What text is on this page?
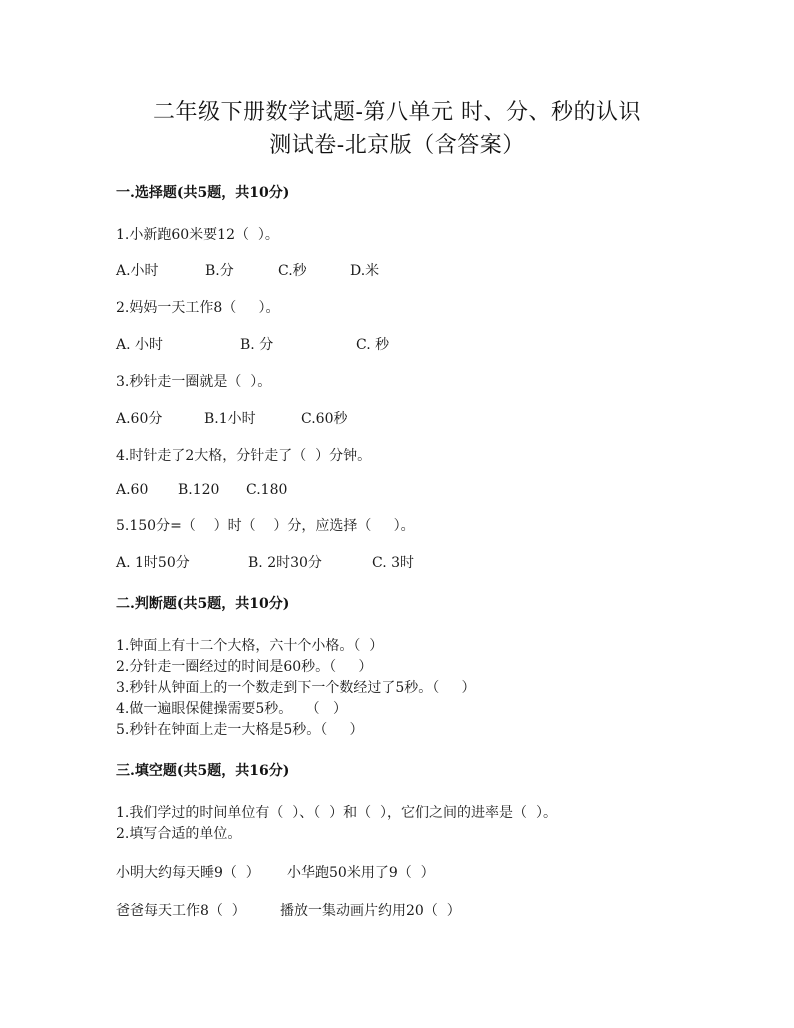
二年级下册数学试题-第八单元 时、分、秒的认识
测试卷-北京版（含答案）
一.选择题(共5题，共10分)
1.小新跑60米要12（  ）。
A.小时	B.分	C.秒	D.米
2.妈妈一天工作8（     ）。
A. 小时	B. 分	C. 秒
3.秒针走一圈就是（  ）。
A.60分	B.1小时	C.60秒
4.时针走了2大格，分针走了（  ）分钟。
A.60 B.120 C.180
5.150分=（    ）时（    ）分，应选择（     ）。
A. 1时50分	B. 2时30分	C. 3时
二.判断题(共5题，共10分)
1.钟面上有十二个大格，六十个小格。（  ）
2.分针走一圈经过的时间是60秒。（     ）
3.秒针从钟面上的一个数走到下一个数经过了5秒。（     ）
4.做一遍眼保健操需要5秒。   （   ）
5.秒针在钟面上走一大格是5秒。（     ）
三.填空题(共5题，共16分)
1.我们学过的时间单位有（  ）、（  ）和（  ），它们之间的进率是（  ）。
2.填写合适的单位。
小明大约每天睡9（  ） 小华跑50米用了9（  ）
爸爸每天工作8（  ） 播放一集动画片约用20（  ）
